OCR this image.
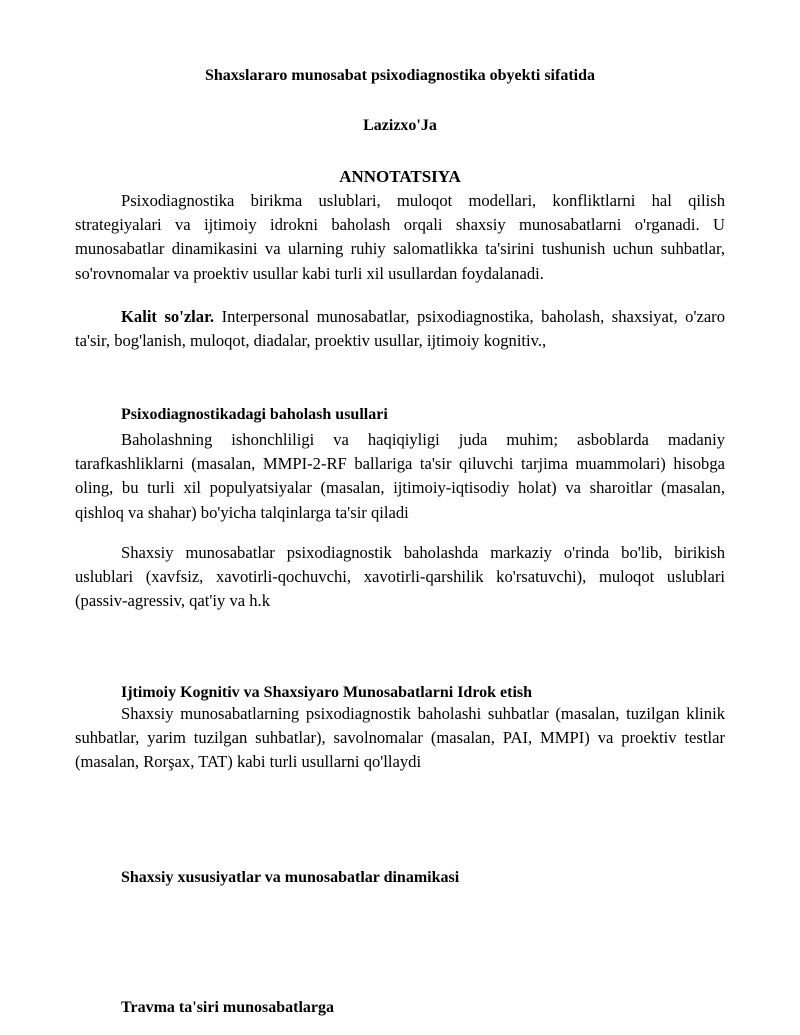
Shaxslararo munosabat psixodiagnostika obyekti sifatida
Lazizxo'Ja
ANNOTATSIYA

Psixodiagnostika birikma uslublari, muloqot modellari, konfliktlarni hal qilish strategiyalari va ijtimoiy idrokni baholash orqali shaxsiy munosabatlarni o'rganadi. U munosabatlar dinamikasini va ularning ruhiy salomatlikka ta'sirini tushunish uchun suhbatlar, so'rovnomalar va proektiv usullar kabi turli xil usullardan foydalanadi.

Kalit so'zlar. Interpersonal munosabatlar, psixodiagnostika, baholash, shaxsiyat, o'zaro ta'sir, bog'lanish, muloqot, diadalar, proektiv usullar, ijtimoiy kognitiv.,

Psixodiagnostikadagi baholash usullari

Baholashning ishonchliligi va haqiqiyligi juda muhim; asboblarda madaniy tarafkashliklarni (masalan, MMPI-2-RF ballariga ta'sir qiluvchi tarjima muammolari) hisobga oling, bu turli xil populyatsiyalar (masalan, ijtimoiy-iqtisodiy holat) va sharoitlar (masalan, qishloq va shahar) bo'yicha talqinlarga ta'sir qiladi

Shaxsiy munosabatlar psixodiagnostik baholashda markaziy o'rinda bo'lib, birikish uslublari (xavfsiz, xavotirli-qochuvchi, xavotirli-qarshilik ko'rsatuvchi), muloqot uslublari (passiv-agressiv, qat'iy va h.k

Ijtimoiy Kognitiv va Shaxsiyaro Munosabatlarni Idrok etish

Shaxsiy munosabatlarning psixodiagnostik baholashi suhbatlar (masalan, tuzilgan klinik suhbatlar, yarim tuzilgan suhbatlar), savolnomalar (masalan, PAI, MMPI) va proektiv testlar (masalan, Rorşax, TAT) kabi turli usullarni qo'llaydi

Shaxsiy xususiyatlar va munosabatlar dinamikasi
Travma ta'siri munosabatlarga
